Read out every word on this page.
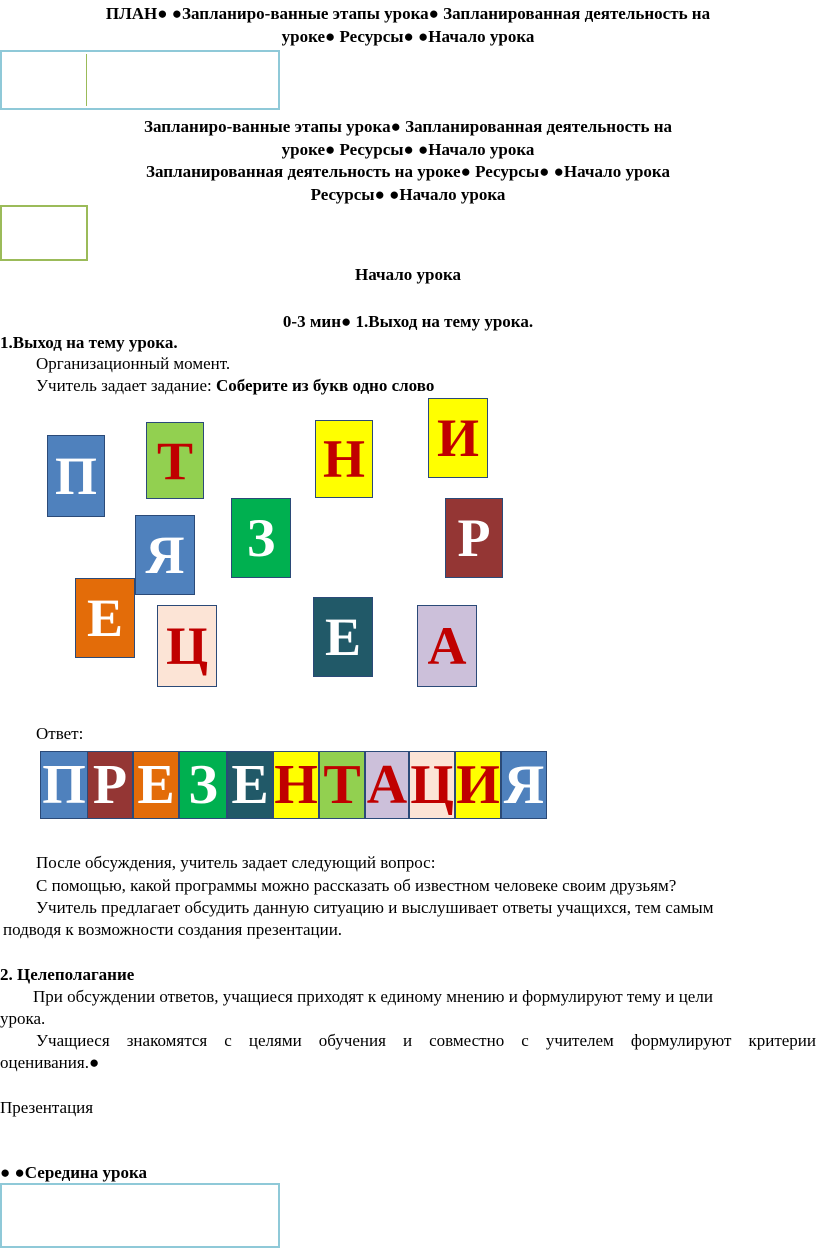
ПЛАН● ●Запланиро-ванные этапы урока● Запланированная деятельность на
уроке● Ресурсы● ●Начало урока
Запланиро-ванные этапы урока● Запланированная деятельность на
уроке● Ресурсы● ●Начало урока
Запланированная деятельность на уроке● Ресурсы● ●Начало урока
Ресурсы● ●Начало урока
Начало урока
0-3 мин● 1.Выход на тему урока.
1.Выход на тему урока.
Организационный момент.
Учитель задает задание: Соберите из букв одно слово
П Т Н И
З	Р
Я
Е Ц Е А
Ответ:
П Р Е З Е Н Т А Ц И Я
После обсуждения, учитель задает следующий вопрос:
С помощью, какой программы можно рассказать об известном человеке своим друзьям?
Учитель предлагает обсудить данную ситуацию и выслушивает ответы учащихся, тем самым
подводя к возможности создания презентации.
2. Целеполагание
При обсуждении ответов, учащиеся приходят к единому мнению и формулируют тему и цели
урока.
Учащиеся знакомятся с целями обучения и совместно с учителем формулируют критерии
оценивания.●
Презентация
● ●Середина урока
